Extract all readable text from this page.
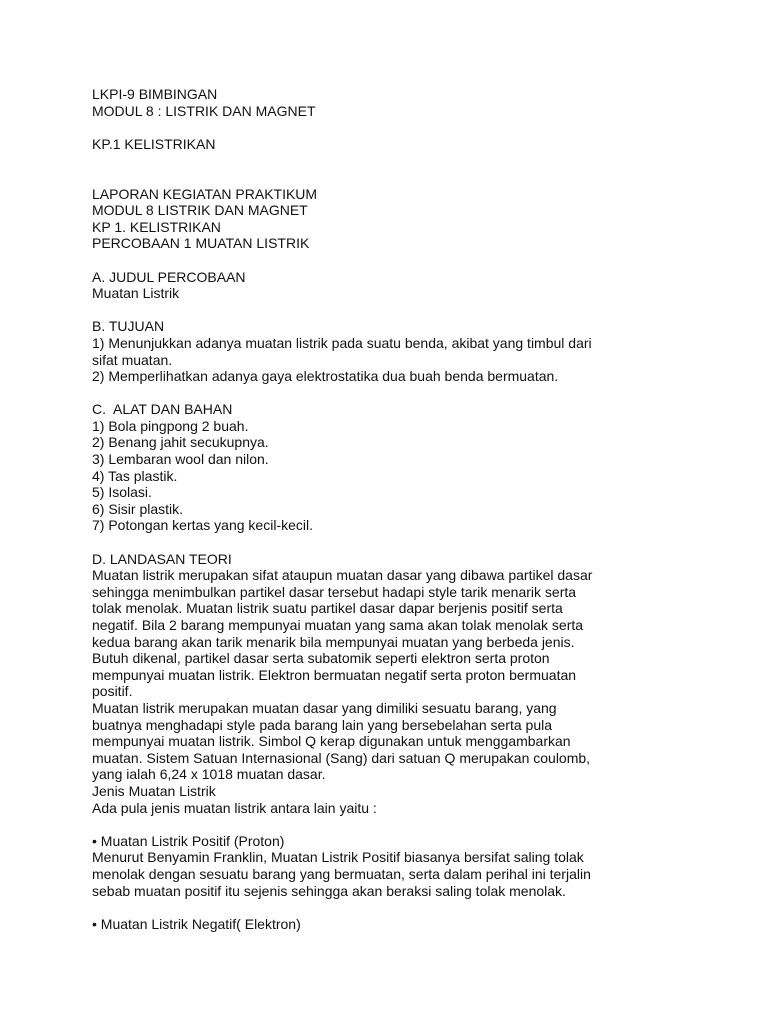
LKPI-9 BIMBINGAN
MODUL 8 : LISTRIK DAN MAGNET
KP.1 KELISTRIKAN
LAPORAN KEGIATAN PRAKTIKUM
MODUL 8 LISTRIK DAN MAGNET
KP 1. KELISTRIKAN
PERCOBAAN 1 MUATAN LISTRIK
A. JUDUL PERCOBAAN
Muatan Listrik
B. TUJUAN
1) Menunjukkan adanya muatan listrik pada suatu benda, akibat yang timbul dari
sifat muatan.
2) Memperlihatkan adanya gaya elektrostatika dua buah benda bermuatan.
C.  ALAT DAN BAHAN
1) Bola pingpong 2 buah.
2) Benang jahit secukupnya.
3) Lembaran wool dan nilon.
4) Tas plastik.
5) Isolasi.
6) Sisir plastik.
7) Potongan kertas yang kecil-kecil.
D. LANDASAN TEORI
Muatan listrik merupakan sifat ataupun muatan dasar yang dibawa partikel dasar
sehingga menimbulkan partikel dasar tersebut hadapi style tarik menarik serta
tolak menolak. Muatan listrik suatu partikel dasar dapar berjenis positif serta
negatif. Bila 2 barang mempunyai muatan yang sama akan tolak menolak serta
kedua barang akan tarik menarik bila mempunyai muatan yang berbeda jenis.
Butuh dikenal, partikel dasar serta subatomik seperti elektron serta proton
mempunyai muatan listrik. Elektron bermuatan negatif serta proton bermuatan
positif.
Muatan listrik merupakan muatan dasar yang dimiliki sesuatu barang, yang
buatnya menghadapi style pada barang lain yang bersebelahan serta pula
mempunyai muatan listrik. Simbol Q kerap digunakan untuk menggambarkan
muatan. Sistem Satuan Internasional (Sang) dari satuan Q merupakan coulomb,
yang ialah 6,24 x 1018 muatan dasar.
Jenis Muatan Listrik
Ada pula jenis muatan listrik antara lain yaitu :
• Muatan Listrik Positif (Proton)
Menurut Benyamin Franklin, Muatan Listrik Positif biasanya bersifat saling tolak
menolak dengan sesuatu barang yang bermuatan, serta dalam perihal ini terjalin
sebab muatan positif itu sejenis sehingga akan beraksi saling tolak menolak.
• Muatan Listrik Negatif( Elektron)
